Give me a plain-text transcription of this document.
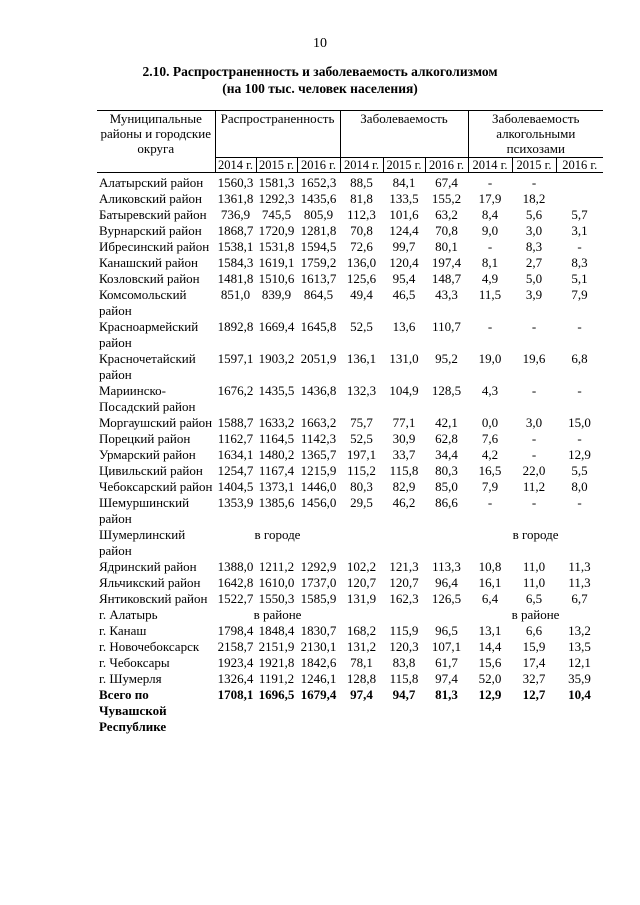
10
2.10. Распространенность и заболеваемость алкоголизмом
(на 100 тыс. человек населения)
Муниципальные районы и городские округа	Распространенность			Заболеваемость			Заболеваемость алкогольными психозами		
	2014 г.	2015 г.	2016 г.	2014 г.	2015 г.	2016 г.	2014 г.	2015 г.	2016 г.
Алатырский район	1560,3	1581,3	1652,3	88,5	84,1	67,4	-	-	
Аликовский район	1361,8	1292,3	1435,6	81,8	133,5	155,2	17,9	18,2	
Батыревский район	736,9	745,5	805,9	112,3	101,6	63,2	8,4	5,6	5,7
Вурнарский район	1868,7	1720,9	1281,8	70,8	124,4	70,8	9,0	3,0	3,1
Ибресинский район	1538,1	1531,8	1594,5	72,6	99,7	80,1	-	8,3	-
Канашский район	1584,3	1619,1	1759,2	136,0	120,4	197,4	8,1	2,7	8,3
Козловский район	1481,8	1510,6	1613,7	125,6	95,4	148,7	4,9	5,0	5,1
Комсомольский район	851,0	839,9	864,5	49,4	46,5	43,3	11,5	3,9	7,9
Красноармейский район	1892,8	1669,4	1645,8	52,5	13,6	110,7	-	-	-
Красночетайский район	1597,1	1903,2	2051,9	136,1	131,0	95,2	19,0	19,6	6,8
Мариинско-Посадский район	1676,2	1435,5	1436,8	132,3	104,9	128,5	4,3	-	-
Моргаушский район	1588,7	1633,2	1663,2	75,7	77,1	42,1	0,0	3,0	15,0
Порецкий район	1162,7	1164,5	1142,3	52,5	30,9	62,8	7,6	-	-
Урмарский район	1634,1	1480,2	1365,7	197,1	33,7	34,4	4,2	-	12,9
Цивильский район	1254,7	1167,4	1215,9	115,2	115,8	80,3	16,5	22,0	5,5
Чебоксарский район	1404,5	1373,1	1446,0	80,3	82,9	85,0	7,9	11,2	8,0
Шемуршинский район	1353,9	1385,6	1456,0	29,5	46,2	86,6	-	-	-
Шумерлинский район	в городе						в городе		
Ядринский район	1388,0	1211,2	1292,9	102,2	121,3	113,3	10,8	11,0	11,3
Яльчикский район	1642,8	1610,0	1737,0	120,7	120,7	96,4	16,1	11,0	11,3
Янтиковский район	1522,7	1550,3	1585,9	131,9	162,3	126,5	6,4	6,5	6,7
г. Алатырь	в районе						в районе		
г. Канаш	1798,4	1848,4	1830,7	168,2	115,9	96,5	13,1	6,6	13,2
г. Новочебоксарск	2158,7	2151,9	2130,1	131,2	120,3	107,1	14,4	15,9	13,5
г. Чебоксары	1923,4	1921,8	1842,6	78,1	83,8	61,7	15,6	17,4	12,1
г. Шумерля	1326,4	1191,2	1246,1	128,8	115,8	97,4	52,0	32,7	35,9
Всего по Чувашской Республике	1708,1	1696,5	1679,4	97,4	94,7	81,3	12,9	12,7	10,4
